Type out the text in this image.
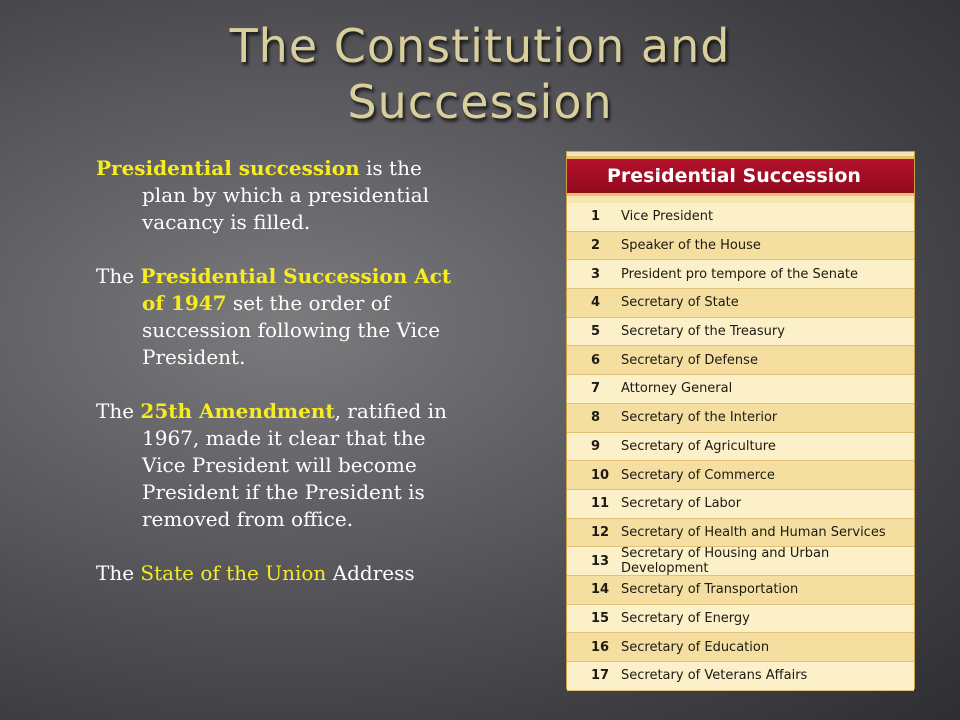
The Constitution and
Succession

Presidential succession is the plan by which a presidential vacancy is filled.

The Presidential Succession Act of 1947 set the order of succession following the Vice President.

The 25th Amendment, ratified in 1967, made it clear that the Vice President will become President if the President is removed from office.

The State of the Union Address

Presidential Succession
1	Vice President
2	Speaker of the House
3	President pro tempore of the Senate
4	Secretary of State
5	Secretary of the Treasury
6	Secretary of Defense
7	Attorney General
8	Secretary of the Interior
9	Secretary of Agriculture
10 Secretary of Commerce
11 Secretary of Labor
12 Secretary of Health and Human Services
13 Secretary of Housing and Urban Development
14 Secretary of Transportation
15 Secretary of Energy
16 Secretary of Education
17 Secretary of Veterans Affairs
